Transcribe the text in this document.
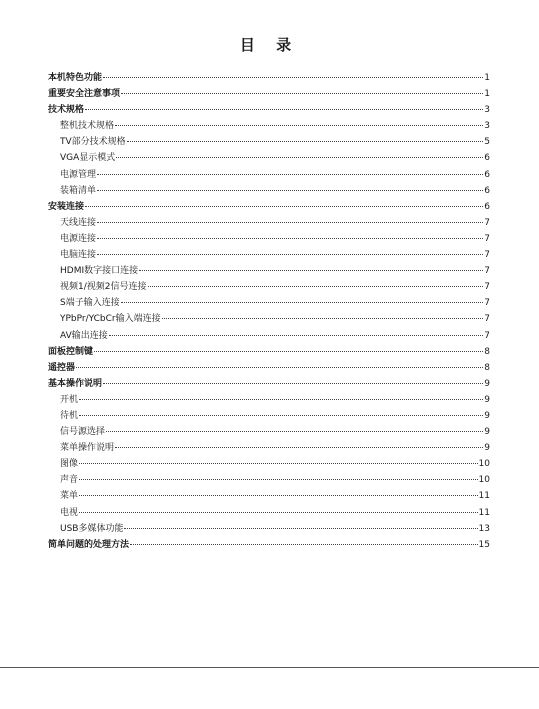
目 录
本机特色功能	1
重要安全注意事项	1
技术规格	3
整机技术规格	3
TV部分技术规格	5
VGA显示模式	6
电源管理	6
装箱清单	6
安装连接	6
天线连接	7
电源连接	7
电脑连接	7
HDMI数字接口连接	7
视频1/视频2信号连接	7
S端子输入连接	7
YPbPr/YCbCr输入端连接	7
AV输出连接	7
面板控制键	8
遥控器	8
基本操作说明	9
开机	9
待机	9
信号源选择	9
菜单操作说明	9
图像	10
声音	10
菜单	11
电视	11
USB多媒体功能	13
简单问题的处理方法	15
